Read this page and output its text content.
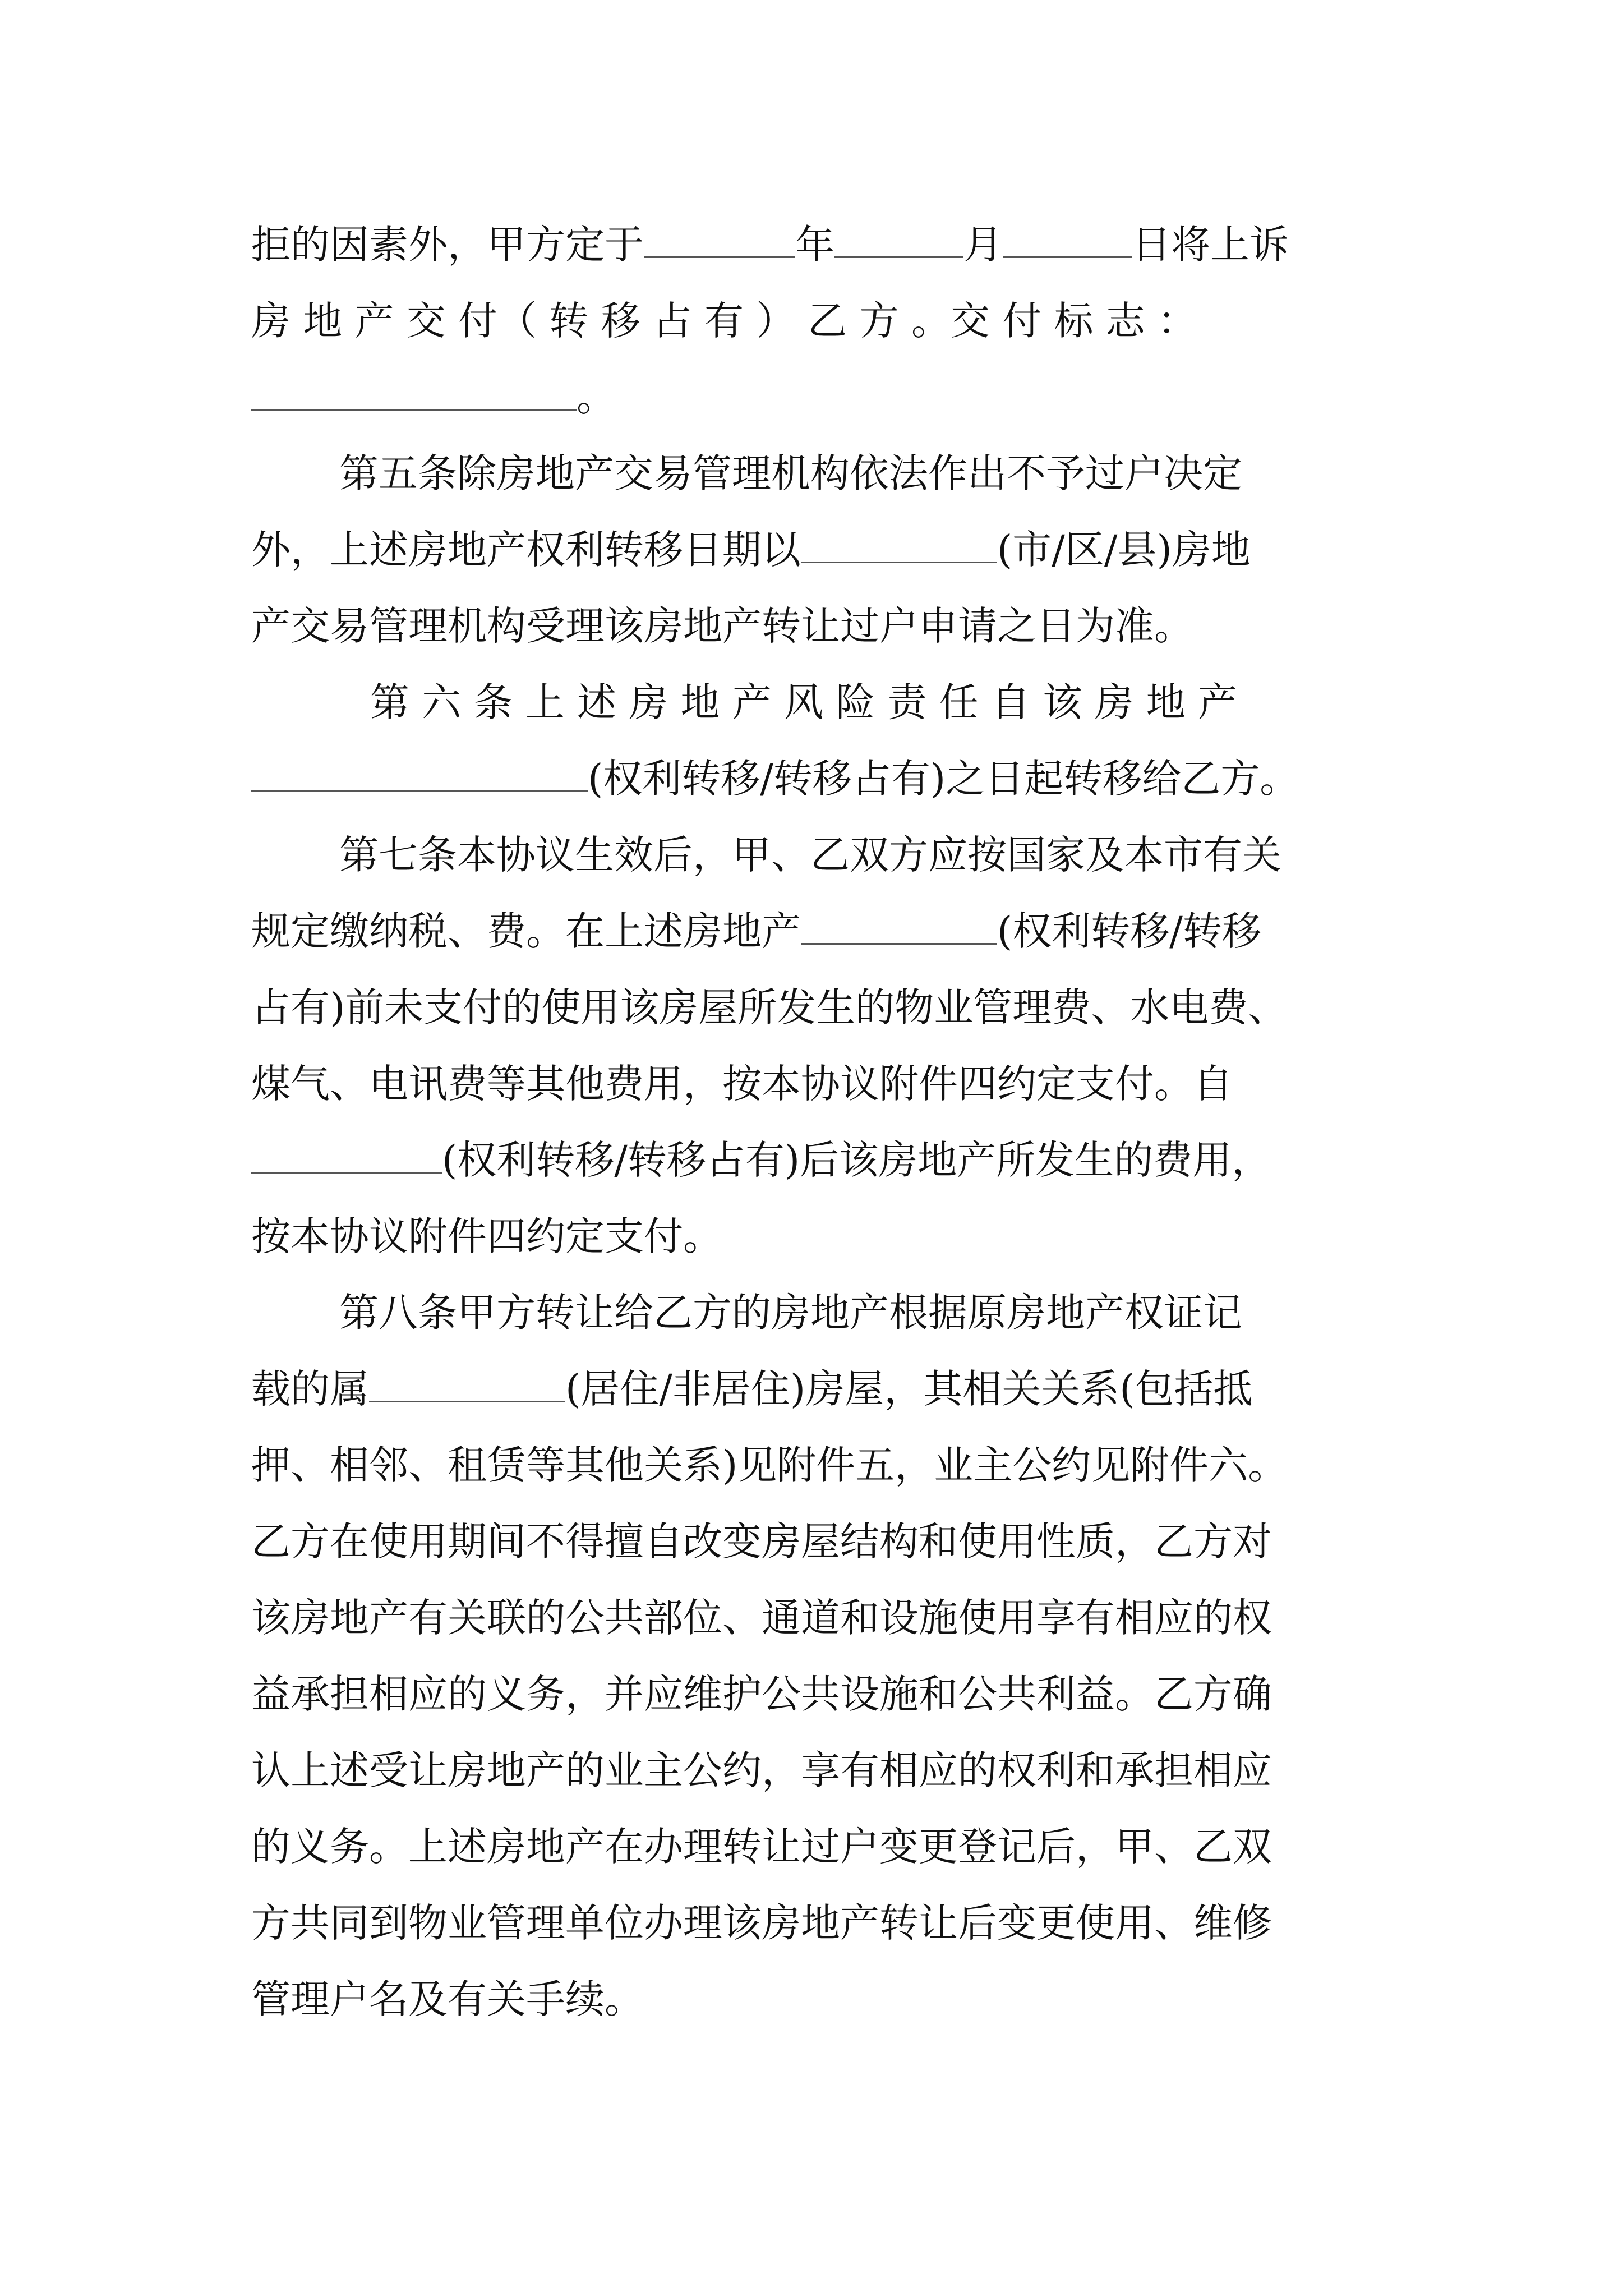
拒的因素外，甲方定于	年	月	日将上诉
房 地 产 交 付（ 转 移 占 有 ） 乙 方 。交 付 标 志 ：
。
第五条除房地产交易管理机构依法作出不予过户决定
外，上述房地产权利转移日期以	(市/区/县)房地
产交易管理机构受理该房地产转让过户申请之日为准。
第 六 条 上 述 房 地 产 风 险 责 任 自 该 房 地 产
(权利转移/转移占有)之日起转移给乙方。
第七条本协议生效后，甲、乙双方应按国家及本市有关
规定缴纳税、费。在上述房地产	(权利转移/转移
占有)前未支付的使用该房屋所发生的物业管理费、水电费、
煤气、电讯费等其他费用，按本协议附件四约定支付。自
(权利转移/转移占有)后该房地产所发生的费用，
按本协议附件四约定支付。
第八条甲方转让给乙方的房地产根据原房地产权证记
载的属	(居住/非居住)房屋，其相关关系(包括抵
押、相邻、租赁等其他关系)见附件五，业主公约见附件六。
乙方在使用期间不得擅自改变房屋结构和使用性质，乙方对
该房地产有关联的公共部位、通道和设施使用享有相应的权
益承担相应的义务，并应维护公共设施和公共利益。乙方确
认上述受让房地产的业主公约，享有相应的权利和承担相应
的义务。上述房地产在办理转让过户变更登记后，甲、乙双
方共同到物业管理单位办理该房地产转让后变更使用、维修
管理户名及有关手续。
